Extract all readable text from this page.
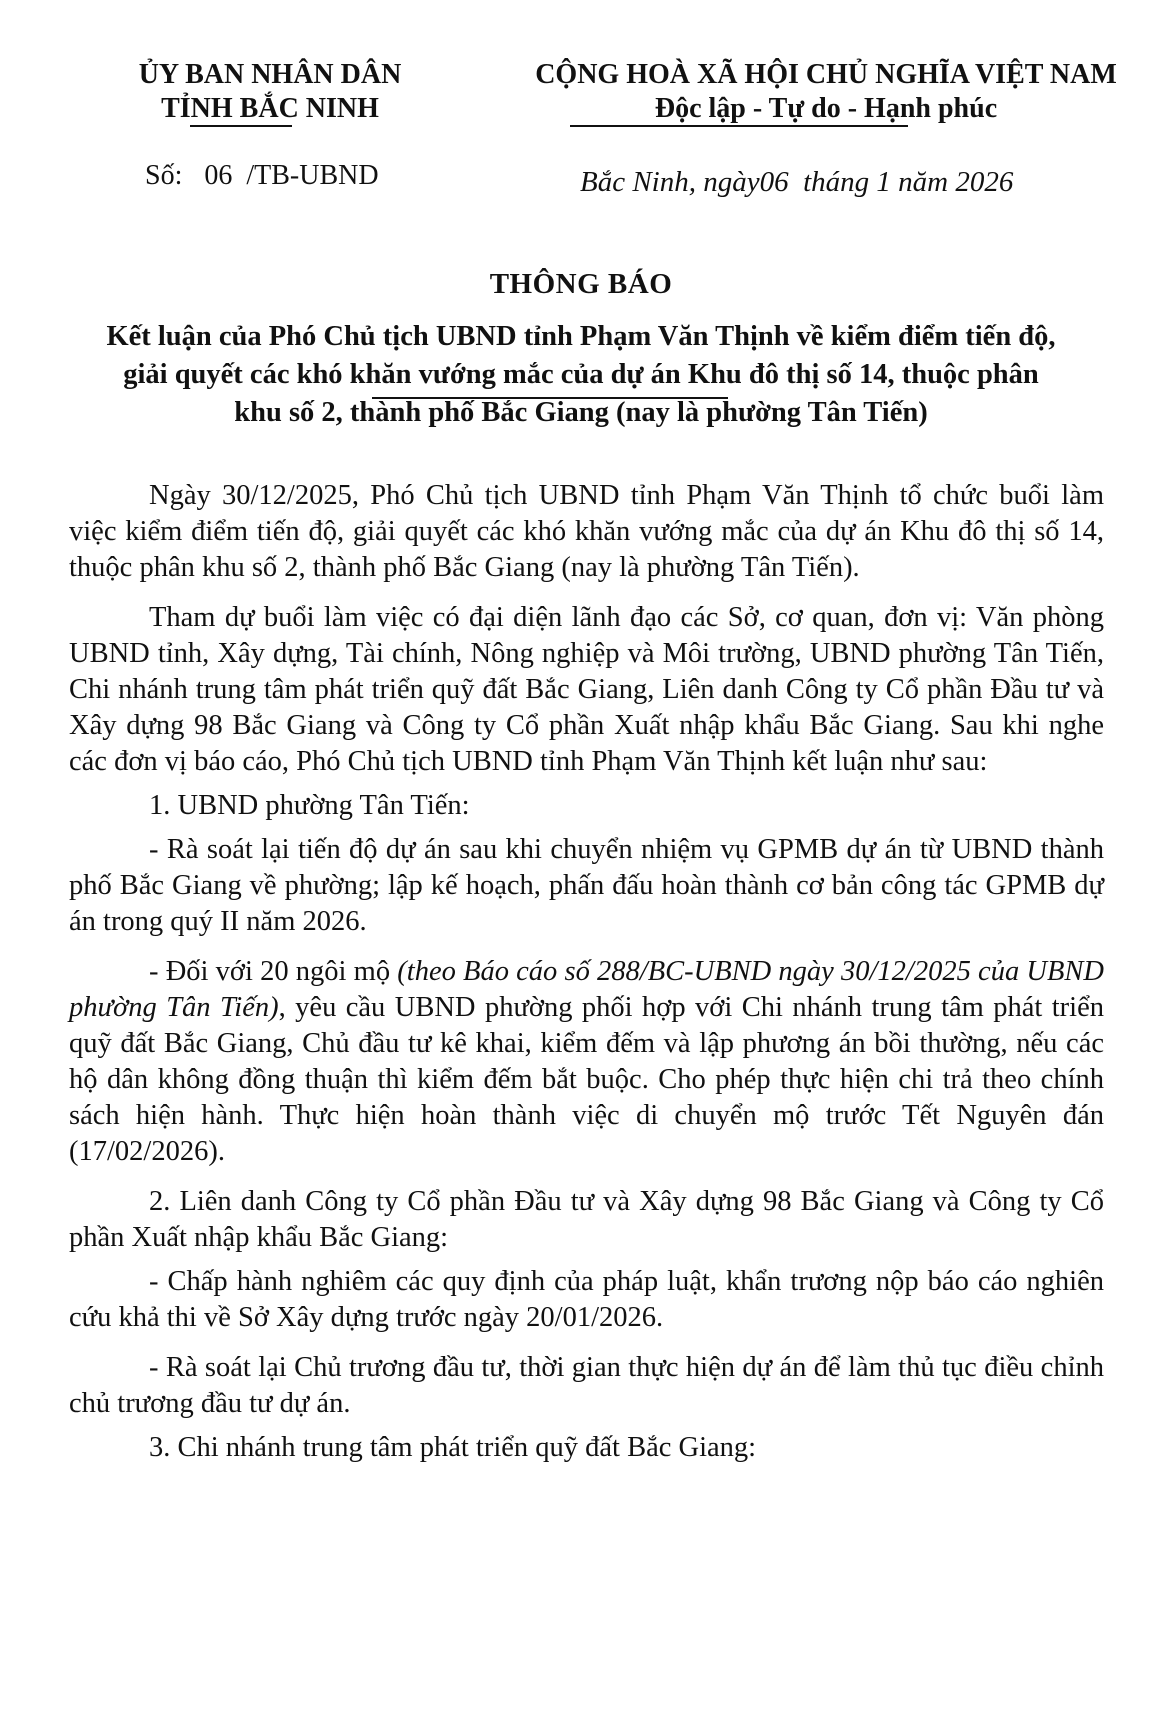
ỦY BAN NHÂN DÂN
TỈNH BẮC NINH
CỘNG HOÀ XÃ HỘI CHỦ NGHĨA VIỆT NAM
Độc lập - Tự do - Hạnh phúc
Số: 06 /TB-UBND	Bắc Ninh, ngày06 tháng 1 năm 2026
THÔNG BÁO
Kết luận của Phó Chủ tịch UBND tỉnh Phạm Văn Thịnh về kiểm điểm tiến độ,
giải quyết các khó khăn vướng mắc của dự án Khu đô thị số 14, thuộc phân
khu số 2, thành phố Bắc Giang (nay là phường Tân Tiến)

Ngày 30/12/2025, Phó Chủ tịch UBND tỉnh Phạm Văn Thịnh tổ chức buổi làm việc kiểm điểm tiến độ, giải quyết các khó khăn vướng mắc của dự án Khu đô thị số 14, thuộc phân khu số 2, thành phố Bắc Giang (nay là phường Tân Tiến).

Tham dự buổi làm việc có đại diện lãnh đạo các Sở, cơ quan, đơn vị: Văn phòng UBND tỉnh, Xây dựng, Tài chính, Nông nghiệp và Môi trường, UBND phường Tân Tiến, Chi nhánh trung tâm phát triển quỹ đất Bắc Giang, Liên danh Công ty Cổ phần Đầu tư và Xây dựng 98 Bắc Giang và Công ty Cổ phần Xuất nhập khẩu Bắc Giang. Sau khi nghe các đơn vị báo cáo, Phó Chủ tịch UBND tỉnh Phạm Văn Thịnh kết luận như sau:

1. UBND phường Tân Tiến:

- Rà soát lại tiến độ dự án sau khi chuyển nhiệm vụ GPMB dự án từ UBND thành phố Bắc Giang về phường; lập kế hoạch, phấn đấu hoàn thành cơ bản công tác GPMB dự án trong quý II năm 2026.

- Đối với 20 ngôi mộ (theo Báo cáo số 288/BC-UBND ngày 30/12/2025 của UBND phường Tân Tiến), yêu cầu UBND phường phối hợp với Chi nhánh trung tâm phát triển quỹ đất Bắc Giang, Chủ đầu tư kê khai, kiểm đếm và lập phương án bồi thường, nếu các hộ dân không đồng thuận thì kiểm đếm bắt buộc. Cho phép thực hiện chi trả theo chính sách hiện hành. Thực hiện hoàn thành việc di chuyển mộ trước Tết Nguyên đán (17/02/2026).

2. Liên danh Công ty Cổ phần Đầu tư và Xây dựng 98 Bắc Giang và Công ty Cổ phần Xuất nhập khẩu Bắc Giang:

- Chấp hành nghiêm các quy định của pháp luật, khẩn trương nộp báo cáo nghiên cứu khả thi về Sở Xây dựng trước ngày 20/01/2026.

- Rà soát lại Chủ trương đầu tư, thời gian thực hiện dự án để làm thủ tục điều chỉnh chủ trương đầu tư dự án.

3. Chi nhánh trung tâm phát triển quỹ đất Bắc Giang:
